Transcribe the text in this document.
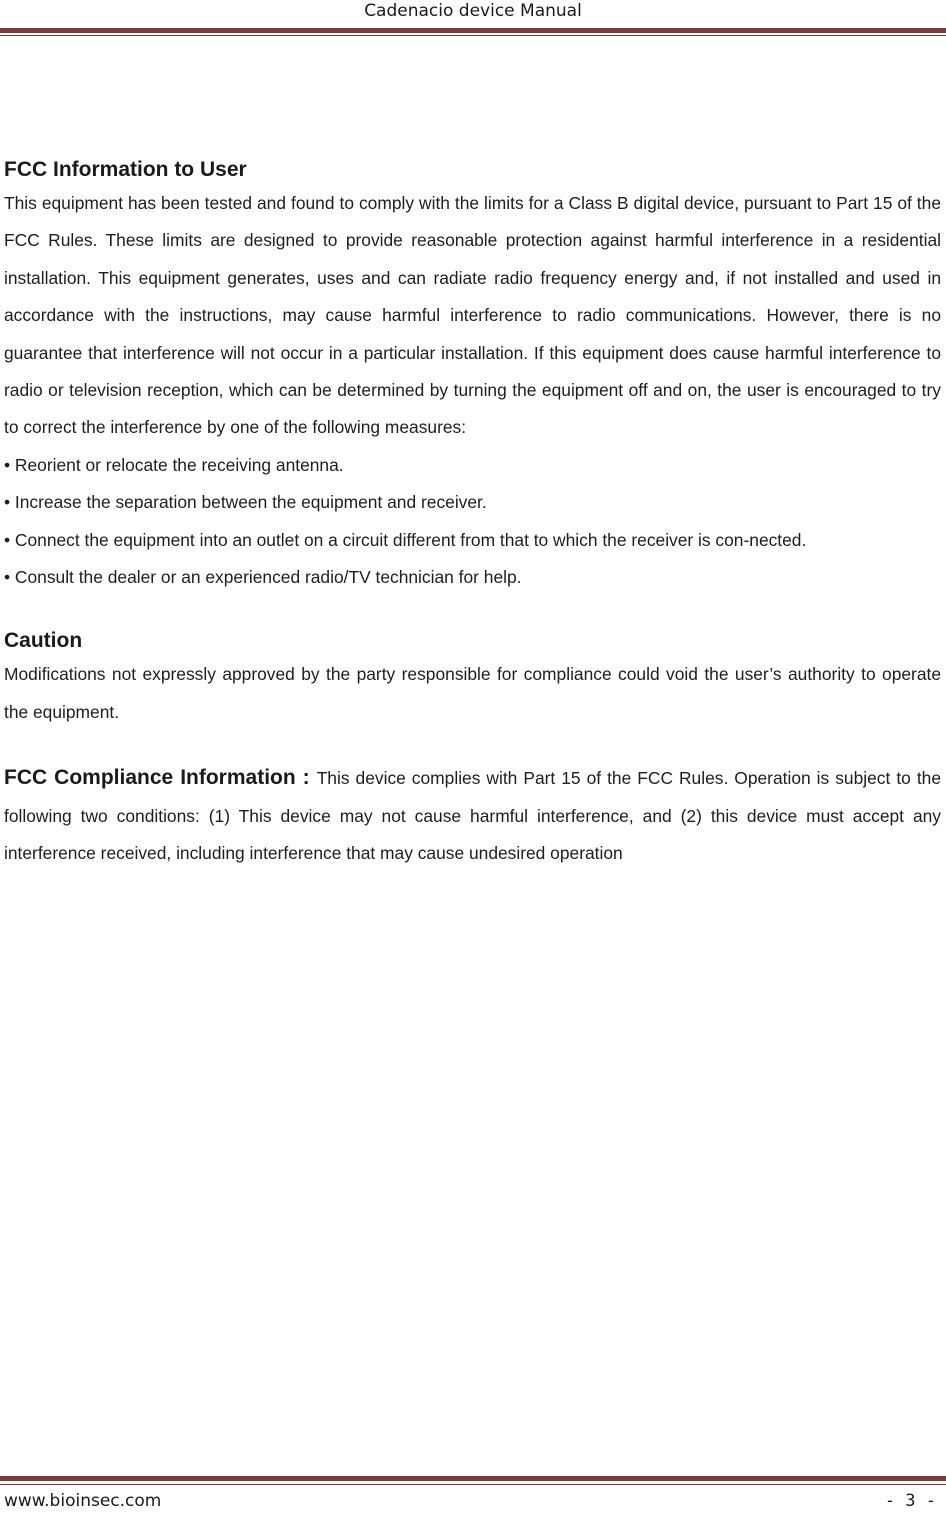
Cadenacio device Manual
FCC Information to User

This equipment has been tested and found to comply with the limits for a Class B digital device, pursuant to Part 15 of the FCC Rules. These limits are designed to provide reasonable protection against harmful interference in a residential installation. This equipment generates, uses and can radiate radio frequency energy and, if not installed and used in accordance with the instructions, may cause harmful interference to radio communications. However, there is no guarantee that interference will not occur in a particular installation. If this equipment does cause harmful interference to radio or television reception, which can be determined by turning the equipment off and on, the user is encouraged to try to correct the interference by one of the following measures:

• Reorient or relocate the receiving antenna.

• Increase the separation between the equipment and receiver.

• Connect the equipment into an outlet on a circuit different from that to which the receiver is con-nected.

• Consult the dealer or an experienced radio/TV technician for help.

Caution

Modifications not expressly approved by the party responsible for compliance could void the user’s authority to operate the equipment.

FCC Compliance Information : This device complies with Part 15 of the FCC Rules. Operation is subject to the following two conditions: (1) This device may not cause harmful interference, and (2) this device must accept any interference received, including interference that may cause undesired operation

www.bioinsec.com	- 3 -
